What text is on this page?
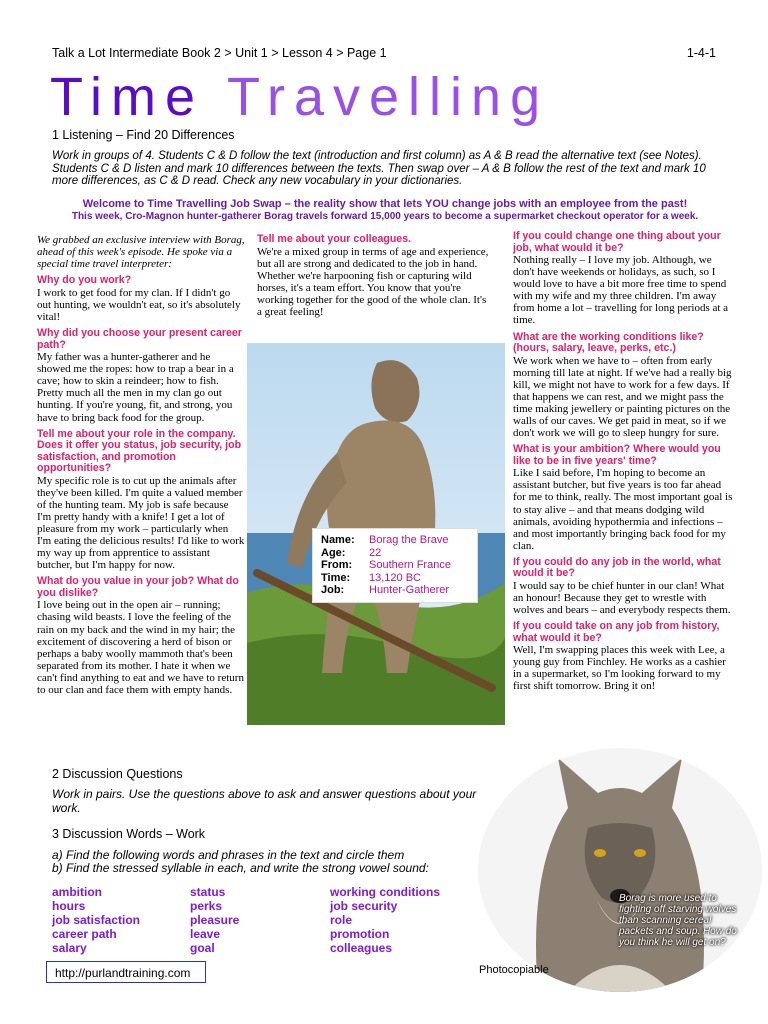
Talk a Lot Intermediate Book 2 > Unit 1 > Lesson 4 > Page 1	1-4-1
Time Travelling
1 Listening – Find 20 Differences
Work in groups of 4. Students C & D follow the text (introduction and first column) as A & B read the alternative text (see Notes). Students C & D listen and mark 10 differences between the texts. Then swap over – A & B follow the rest of the text and mark 10 more differences, as C & D read. Check any new vocabulary in your dictionaries.
Welcome to Time Travelling Job Swap – the reality show that lets YOU change jobs with an employee from the past!
This week, Cro-Magnon hunter-gatherer Borag travels forward 15,000 years to become a supermarket checkout operator for a week.

We grabbed an exclusive interview with Borag, ahead of this week's episode. He spoke via a special time travel interpreter:

Why do you work?

I work to get food for my clan. If I didn't go out hunting, we wouldn't eat, so it's absolutely vital!

Why did you choose your present career path?

My father was a hunter-gatherer and he showed me the ropes: how to trap a bear in a cave; how to skin a reindeer; how to fish. Pretty much all the men in my clan go out hunting. If you're young, fit, and strong, you have to bring back food for the group.

Tell me about your role in the company. Does it offer you status, job security, job satisfaction, and promotion opportunities?

My specific role is to cut up the animals after they've been killed. I'm quite a valued member of the hunting team. My job is safe because I'm pretty handy with a knife! I get a lot of pleasure from my work – particularly when I'm eating the delicious results! I'd like to work my way up from apprentice to assistant butcher, but I'm happy for now.

What do you value in your job? What do you dislike?

I love being out in the open air – running; chasing wild beasts. I love the feeling of the rain on my back and the wind in my hair; the excitement of discovering a herd of bison or perhaps a baby woolly mammoth that's been separated from its mother. I hate it when we can't find anything to eat and we have to return to our clan and face them with empty hands.

Tell me about your colleagues.

We're a mixed group in terms of age and experience, but all are strong and dedicated to the job in hand. Whether we're harpooning fish or capturing wild horses, it's a team effort. You know that you're working together for the good of the whole clan. It's a great feeling!

Name:	Borag the Brave
Age:	22
From:	Southern France
Time:	13,120 BC
Job:	Hunter-Gatherer
If you could change one thing about your job, what would it be?

Nothing really – I love my job. Although, we don't have weekends or holidays, as such, so I would love to have a bit more free time to spend with my wife and my three children. I'm away from home a lot – travelling for long periods at a time.

What are the working conditions like? (hours, salary, leave, perks, etc.)

We work when we have to – often from early morning till late at night. If we've had a really big kill, we might not have to work for a few days. If that happens we can rest, and we might pass the time making jewellery or painting pictures on the walls of our caves. We get paid in meat, so if we don't work we will go to sleep hungry for sure.

What is your ambition? Where would you like to be in five years' time?

Like I said before, I'm hoping to become an assistant butcher, but five years is too far ahead for me to think, really. The most important goal is to stay alive – and that means dodging wild animals, avoiding hypothermia and infections – and most importantly bringing back food for my clan.

If you could do any job in the world, what would it be?

I would say to be chief hunter in our clan! What an honour! Because they get to wrestle with wolves and bears – and everybody respects them.

If you could take on any job from history, what would it be?

Well, I'm swapping places this week with Lee, a young guy from Finchley. He works as a cashier in a supermarket, so I'm looking forward to my first shift tomorrow. Bring it on!

Borag is more used to fighting off starving wolves than scanning cereal packets and soup. How do you think he will get on?
2 Discussion Questions
Work in pairs. Use the questions above to ask and answer questions about your work.
3 Discussion Words – Work
a) Find the following words and phrases in the text and circle them
b) Find the stressed syllable in each, and write the strong vowel sound:
ambition
hours
job satisfaction
career path
salary
status
perks
pleasure
leave
goal
working conditions
job security
role
promotion
colleagues
http://purlandtraining.com	Photocopiable
